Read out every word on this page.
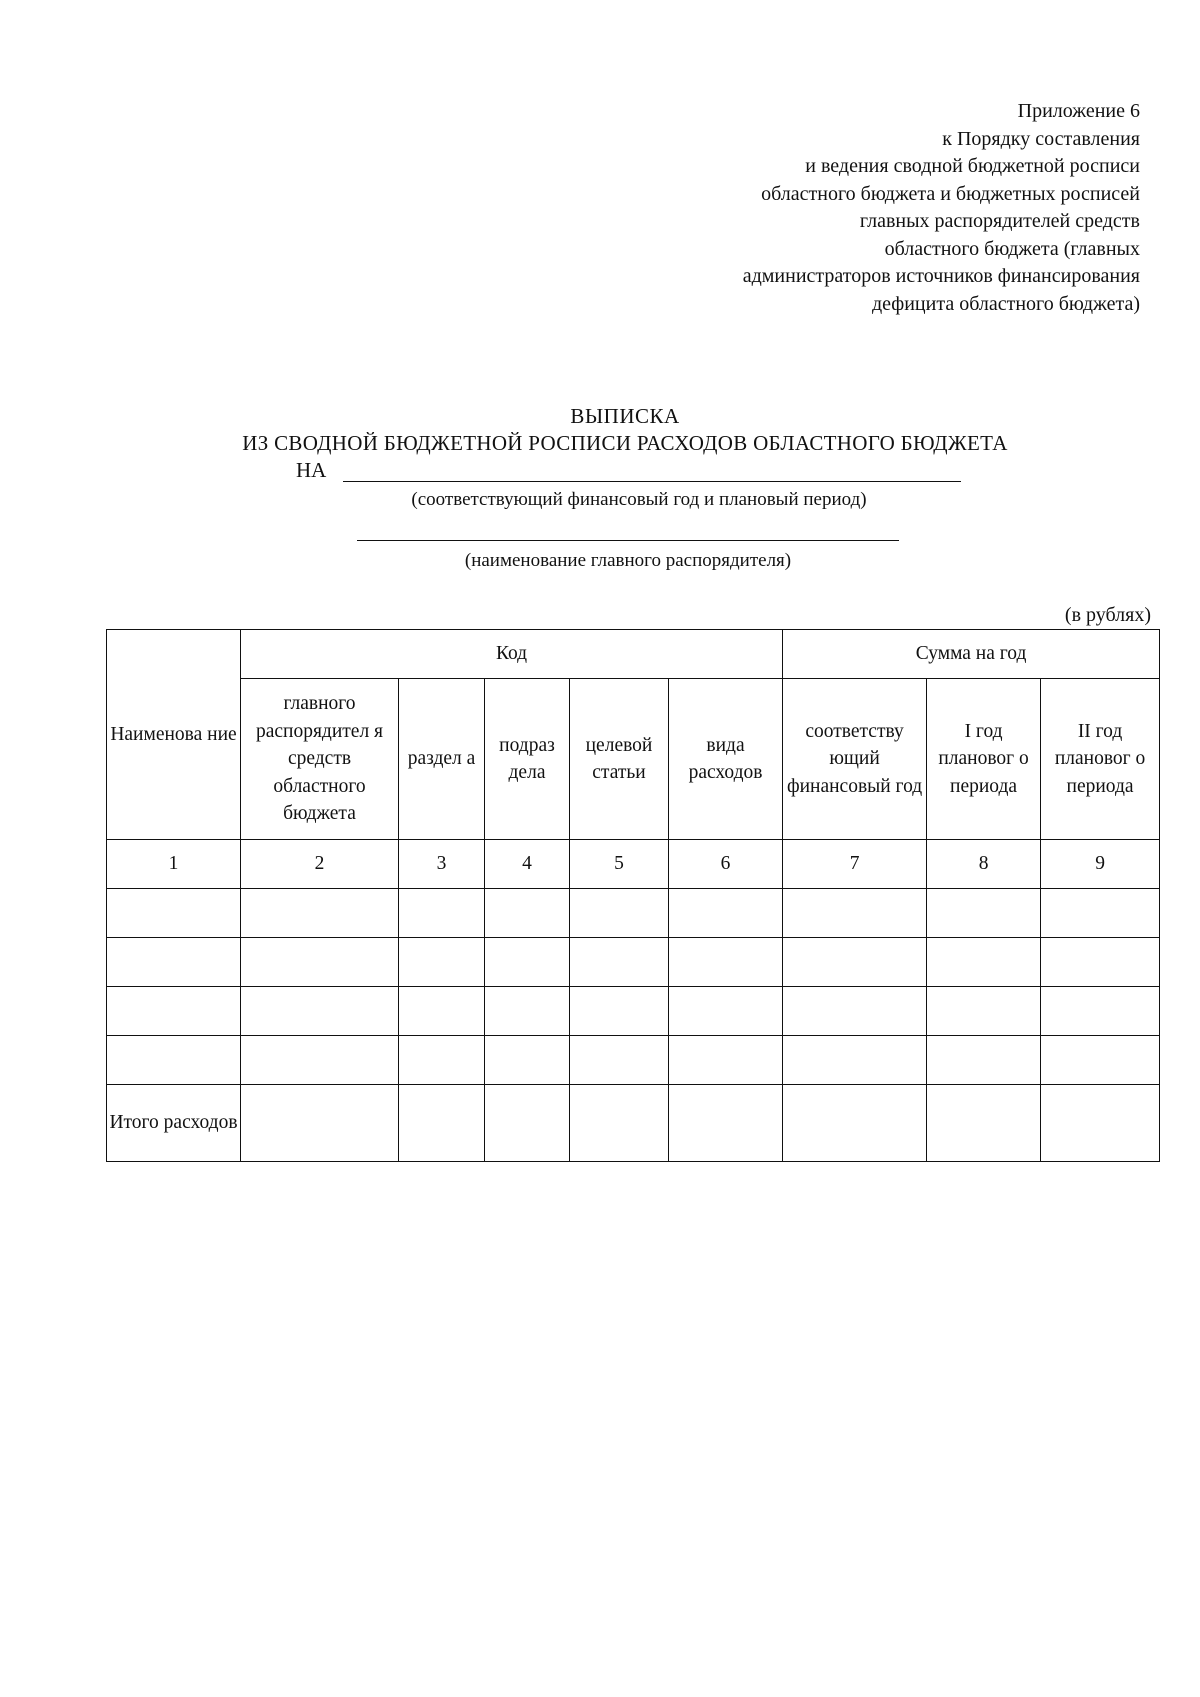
Приложение 6
к Порядку составления
и ведения сводной бюджетной росписи
областного бюджета и бюджетных росписей
главных распорядителей средств
областного бюджета (главных
администраторов источников финансирования
дефицита областного бюджета)
ВЫПИСКА
ИЗ СВОДНОЙ БЮДЖЕТНОЙ РОСПИСИ РАСХОДОВ ОБЛАСТНОГО БЮДЖЕТА
НА
(соответствующий финансовый год и плановый период)
(наименование главного распорядителя)
(в рублях)
Наименова ние	Код					Сумма на год		
	главного распорядител я средств областного бюджета	раздел а	подраз дела	целевой статьи	вида расходов	соответству ющий финансовый год	I год плановог о периода	II год плановог о периода
1	2	3	4	5	6	7	8	9

Итого расходов								
